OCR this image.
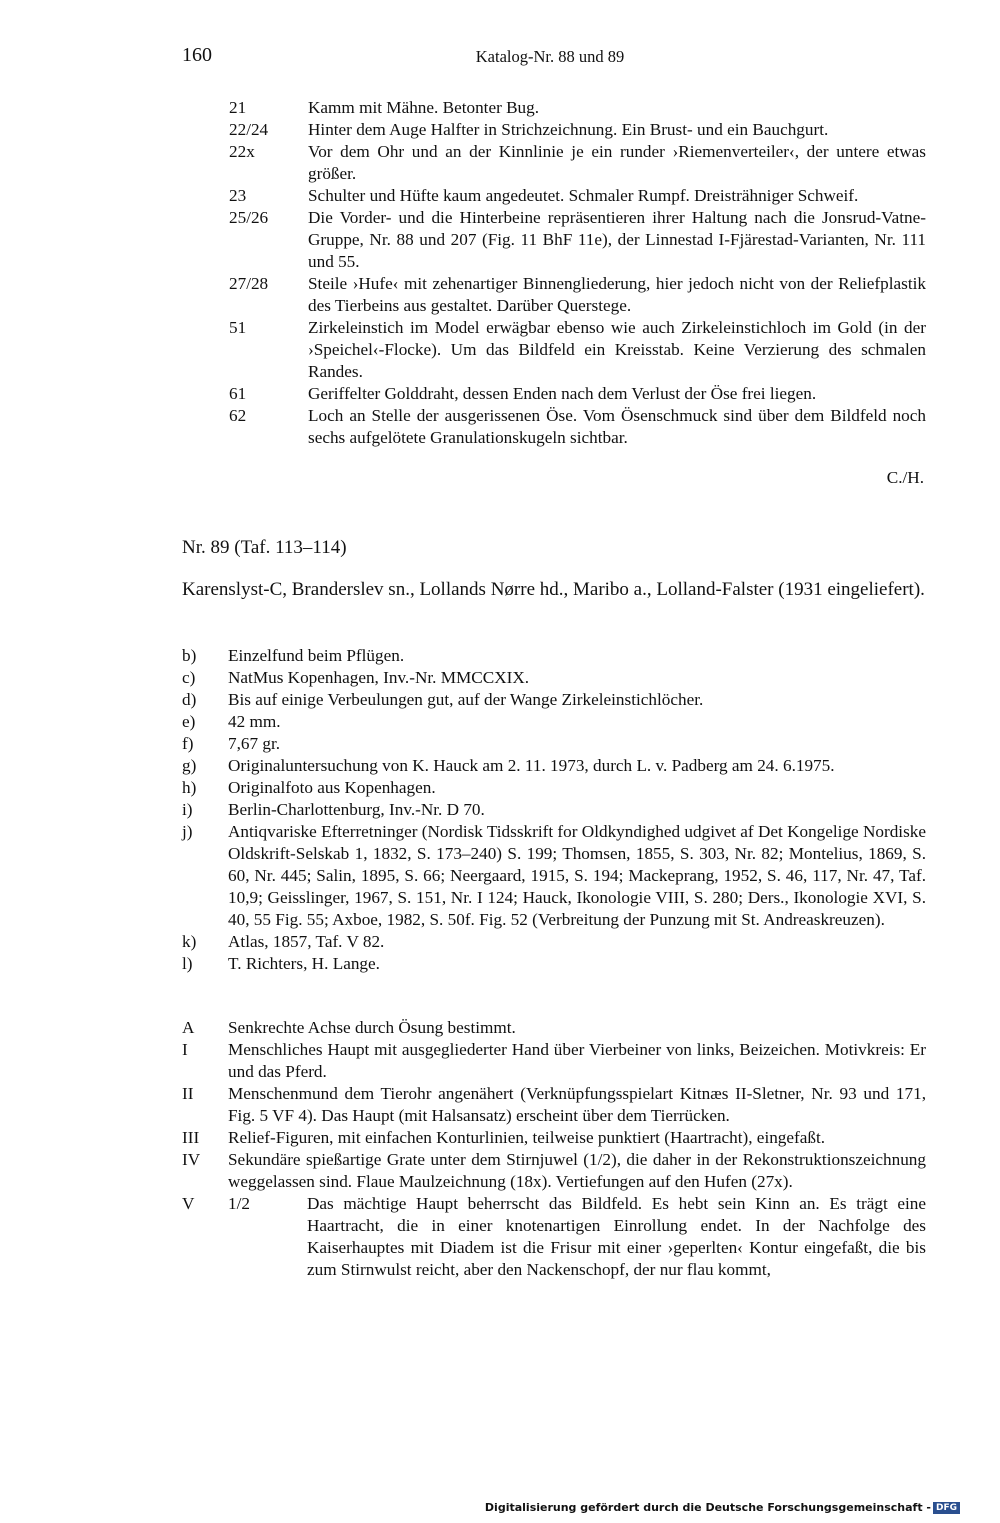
160	Katalog-Nr. 88 und 89
21	Kamm mit Mähne. Betonter Bug.
22/24	Hinter dem Auge Halfter in Strichzeichnung. Ein Brust- und ein Bauchgurt.
22x	Vor dem Ohr und an der Kinnlinie je ein runder ›Riemenverteiler‹, der untere etwas größer.
23	Schulter und Hüfte kaum angedeutet. Schmaler Rumpf. Dreisträhniger Schweif.
25/26	Die Vorder- und die Hinterbeine repräsentieren ihrer Haltung nach die Jonsrud-Vatne-Gruppe, Nr. 88 und 207 (Fig. 11 BhF 11e), der Linnestad I-Fjärestad-Varianten, Nr. 111 und 55.
27/28	Steile ›Hufe‹ mit zehenartiger Binnengliederung, hier jedoch nicht von der Reliefplastik des Tierbeins aus gestaltet. Darüber Querstege.
51	Zirkeleinstich im Model erwägbar ebenso wie auch Zirkeleinstichloch im Gold (in der ›Speichel‹-Flocke). Um das Bildfeld ein Kreisstab. Keine Verzierung des schmalen Randes.
61	Geriffelter Golddraht, dessen Enden nach dem Verlust der Öse frei liegen.
62	Loch an Stelle der ausgerissenen Öse. Vom Ösenschmuck sind über dem Bildfeld noch sechs aufgelötete Granulationskugeln sichtbar.
C./H.
Nr. 89 (Taf. 113–114)
Karenslyst-C, Branderslev sn., Lollands Nørre hd., Maribo a., Lolland-Falster (1931 eingeliefert).
b)	Einzelfund beim Pflügen.
c)	NatMus Kopenhagen, Inv.-Nr. MMCCXIX.
d)	Bis auf einige Verbeulungen gut, auf der Wange Zirkeleinstichlöcher.
e)	42 mm.
f)	7,67 gr.
g)	Originaluntersuchung von K. Hauck am 2. 11. 1973, durch L. v. Padberg am 24. 6.1975.
h)	Originalfoto aus Kopenhagen.
i)	Berlin-Charlottenburg, Inv.-Nr. D 70.
j)	Antiqvariske Efterretninger (Nordisk Tidsskrift for Oldkyndighed udgivet af Det Kongelige Nordiske Oldskrift-Selskab 1, 1832, S. 173–240) S. 199; Thomsen, 1855, S. 303, Nr. 82; Montelius, 1869, S. 60, Nr. 445; Salin, 1895, S. 66; Neergaard, 1915, S. 194; Mackeprang, 1952, S. 46, 117, Nr. 47, Taf. 10,9; Geisslinger, 1967, S. 151, Nr. I 124; Hauck, Ikonologie VIII, S. 280; Ders., Ikonologie XVI, S. 40, 55 Fig. 55; Axboe, 1982, S. 50f. Fig. 52 (Verbreitung der Punzung mit St. Andreaskreuzen).
k)	Atlas, 1857, Taf. V 82.
l)	T. Richters, H. Lange.
A	Senkrechte Achse durch Ösung bestimmt.
I	Menschliches Haupt mit ausgegliederter Hand über Vierbeiner von links, Beizeichen. Motivkreis: Er und das Pferd.
II	Menschenmund dem Tierohr angenähert (Verknüpfungsspielart Kitnæs II-Sletner, Nr. 93 und 171, Fig. 5 VF 4). Das Haupt (mit Halsansatz) erscheint über dem Tierrücken.
III	Relief-Figuren, mit einfachen Konturlinien, teilweise punktiert (Haartracht), eingefaßt.
IV	Sekundäre spießartige Grate unter dem Stirnjuwel (1/2), die daher in der Rekonstruktionszeichnung weggelassen sind. Flaue Maulzeichnung (18x). Vertiefungen auf den Hufen (27x).
V	1/2	Das mächtige Haupt beherrscht das Bildfeld. Es hebt sein Kinn an. Es trägt eine Haartracht, die in einer knotenartigen Einrollung endet. In der Nachfolge des Kaiserhauptes mit Diadem ist die Frisur mit einer ›geperlten‹ Kontur eingefaßt, die bis zum Stirnwulst reicht, aber den Nackenschopf, der nur flau kommt,
Digitalisierung gefördert durch die Deutsche Forschungsgemeinschaft - DFG
